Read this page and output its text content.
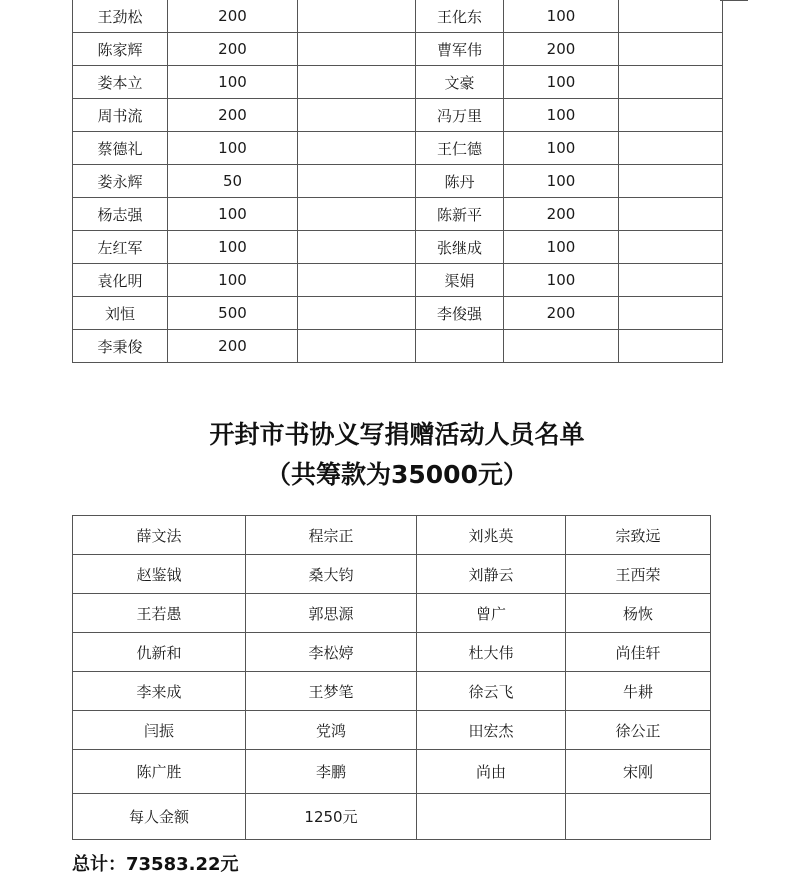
王劲松	200		王化东	100	
陈家辉	200		曹军伟	200	
娄本立	100		文豪	100	
周书流	200		冯万里	100	
蔡德礼	100		王仁德	100	
娄永辉	50		陈丹	100	
杨志强	100		陈新平	200	
左红军	100		张继成	100	
袁化明	100		渠娟	100	
刘恒	500		李俊强	200	
李秉俊	200				
开封市书协义写捐赠活动人员名单
（共筹款为35000元）
薛文法	程宗正	刘兆英	宗致远
赵鉴钺	桑大钧	刘静云	王西荣
王若愚	郭思源	曾广	杨恢
仇新和	李松婷	杜大伟	尚佳轩
李来成	王梦笔	徐云飞	牛耕
闫振	党鸿	田宏杰	徐公正
陈广胜	李鹏	尚由	宋刚
每人金额	1250元		
总计：73583.22元
